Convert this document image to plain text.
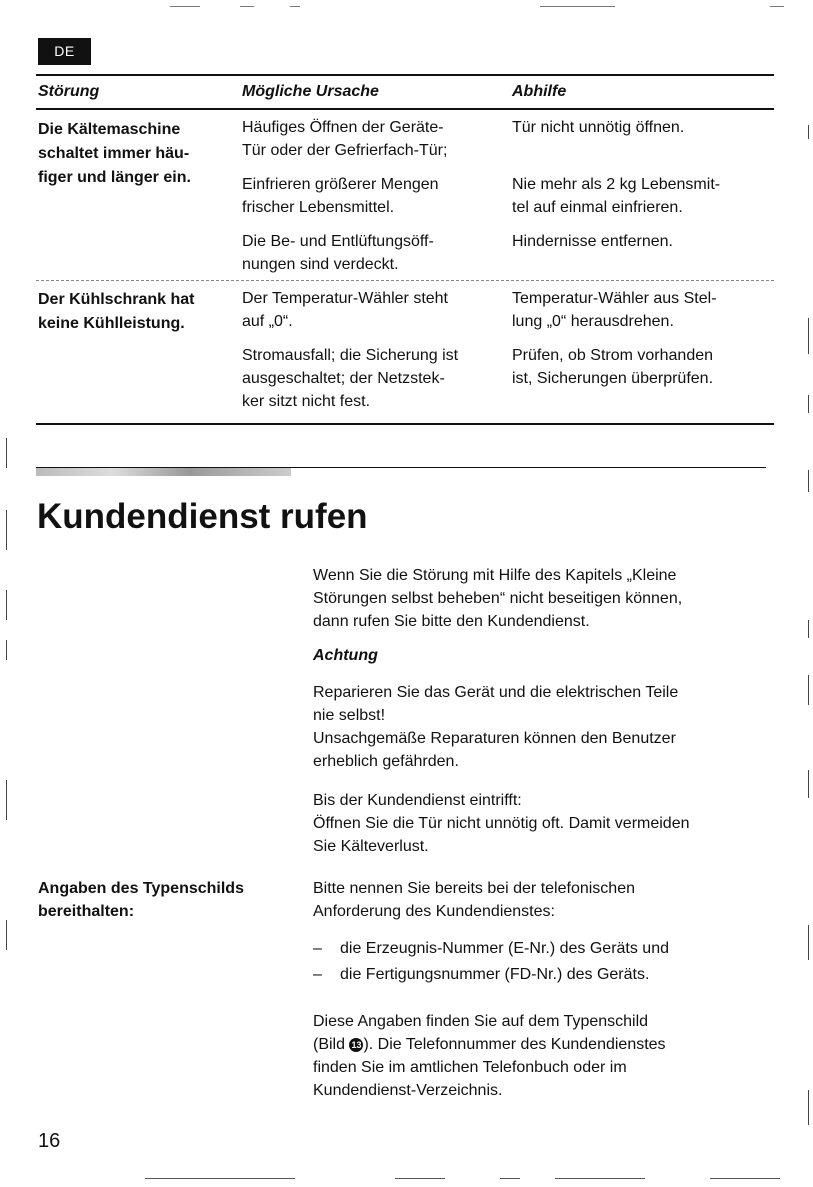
DE
Störung	Mögliche Ursache	Abhilfe
Die Kältemaschine
schaltet immer häu-
figer und länger ein.
Häufiges Öffnen der Geräte-
Tür oder der Gefrierfach-Tür;
Tür nicht unnötig öffnen.
Einfrieren größerer Mengen
frischer Lebensmittel.
Nie mehr als 2 kg Lebensmit-
tel auf einmal einfrieren.
Die Be- und Entlüftungsöff-
nungen sind verdeckt.
Hindernisse entfernen.
Der Kühlschrank hat
keine Kühlleistung.
Der Temperatur-Wähler steht
auf „0“.
Temperatur-Wähler aus Stel-
lung „0“ herausdrehen.
Stromausfall; die Sicherung ist
ausgeschaltet; der Netzstek-
ker sitzt nicht fest.
Prüfen, ob Strom vorhanden
ist, Sicherungen überprüfen.
Kundendienst rufen
Wenn Sie die Störung mit Hilfe des Kapitels „Kleine
Störungen selbst beheben“ nicht beseitigen können,
dann rufen Sie bitte den Kundendienst.
Achtung
Reparieren Sie das Gerät und die elektrischen Teile
nie selbst!
Unsachgemäße Reparaturen können den Benutzer
erheblich gefährden.
Bis der Kundendienst eintrifft:
Öffnen Sie die Tür nicht unnötig oft. Damit vermeiden
Sie Kälteverlust.
Angaben des Typenschilds
bereithalten:
Bitte nennen Sie bereits bei der telefonischen
Anforderung des Kundendienstes:
– die Erzeugnis-Nummer (E-Nr.) des Geräts und
– die Fertigungsnummer (FD-Nr.) des Geräts.
Diese Angaben finden Sie auf dem Typenschild
(Bild 13 ). Die Telefonnummer des Kundendienstes
finden Sie im amtlichen Telefonbuch oder im
Kundendienst-Verzeichnis.
16
